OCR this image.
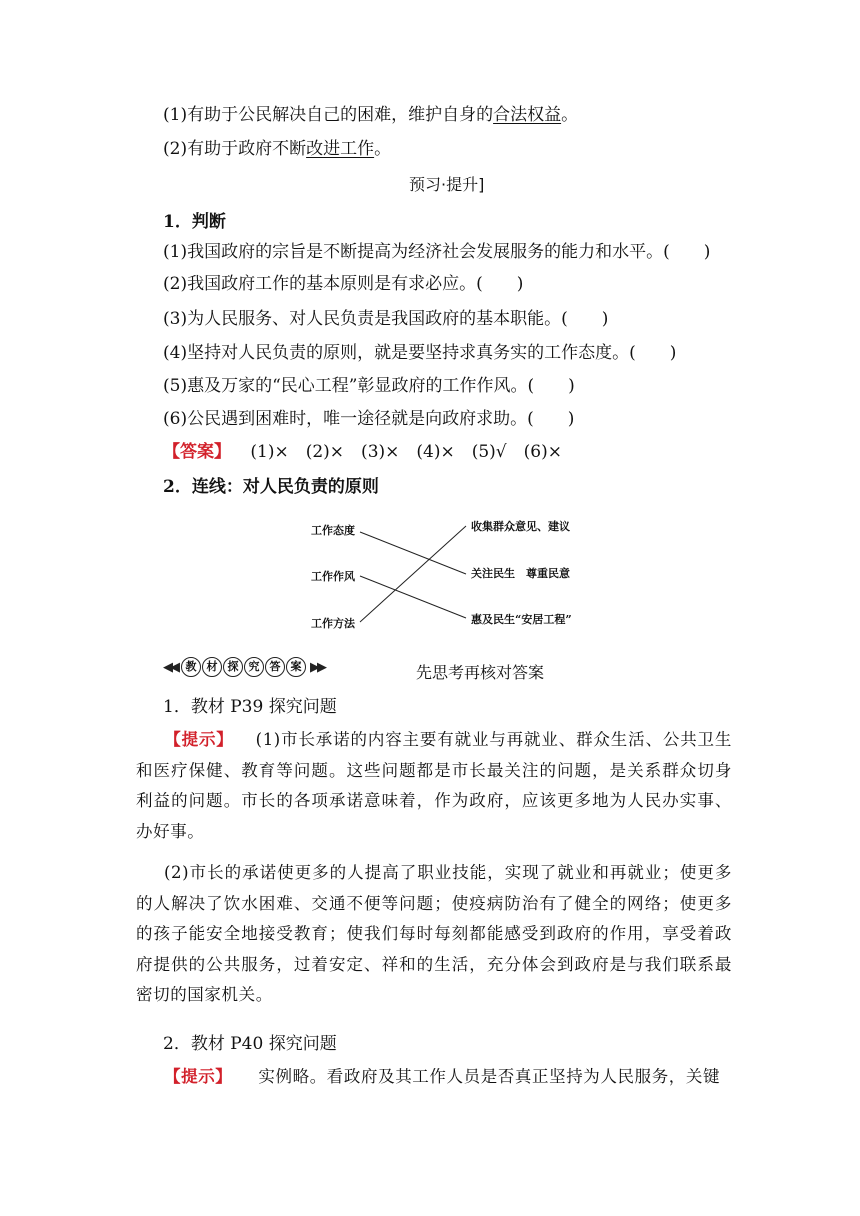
(1)有助于公民解决自己的困难，维护自身的合法权益。
(2)有助于政府不断改进工作。
预习·提升]
1．判断
(1)我国政府的宗旨是不断提高为经济社会发展服务的能力和水平。(　　)
(2)我国政府工作的基本原则是有求必应。(　　)
(3)为人民服务、对人民负责是我国政府的基本职能。(　　)
(4)坚持对人民负责的原则，就是要坚持求真务实的工作态度。(　　)
(5)惠及万家的“民心工程”彰显政府的工作作风。(　　)
(6)公民遇到困难时，唯一途径就是向政府求助。(　　)
【答案】 (1)×　(2)×　(3)×　(4)×　(5)√　(6)×
2．连线：对人民负责的原则
工作态度
工作作风
工作方法
收集群众意见、建议
关注民生　尊重民意
惠及民生“安居工程”
◀◀ 教 材 探 究 答 案 ▶▶	先思考再核对答案
1．教材 P39 探究问题
【提示】 (1)市长承诺的内容主要有就业与再就业、群众生活、公共卫生和医疗保健、教育等问题。这些问题都是市长最关注的问题，是关系群众切身利益的问题。市长的各项承诺意味着，作为政府，应该更多地为人民办实事、办好事。
(2)市长的承诺使更多的人提高了职业技能，实现了就业和再就业；使更多的人解决了饮水困难、交通不便等问题；使疫病防治有了健全的网络；使更多的孩子能安全地接受教育；使我们每时每刻都能感受到政府的作用，享受着政府提供的公共服务，过着安定、祥和的生活，充分体会到政府是与我们联系最密切的国家机关。
2．教材 P40 探究问题
【提示】 实例略。看政府及其工作人员是否真正坚持为人民服务，关键
